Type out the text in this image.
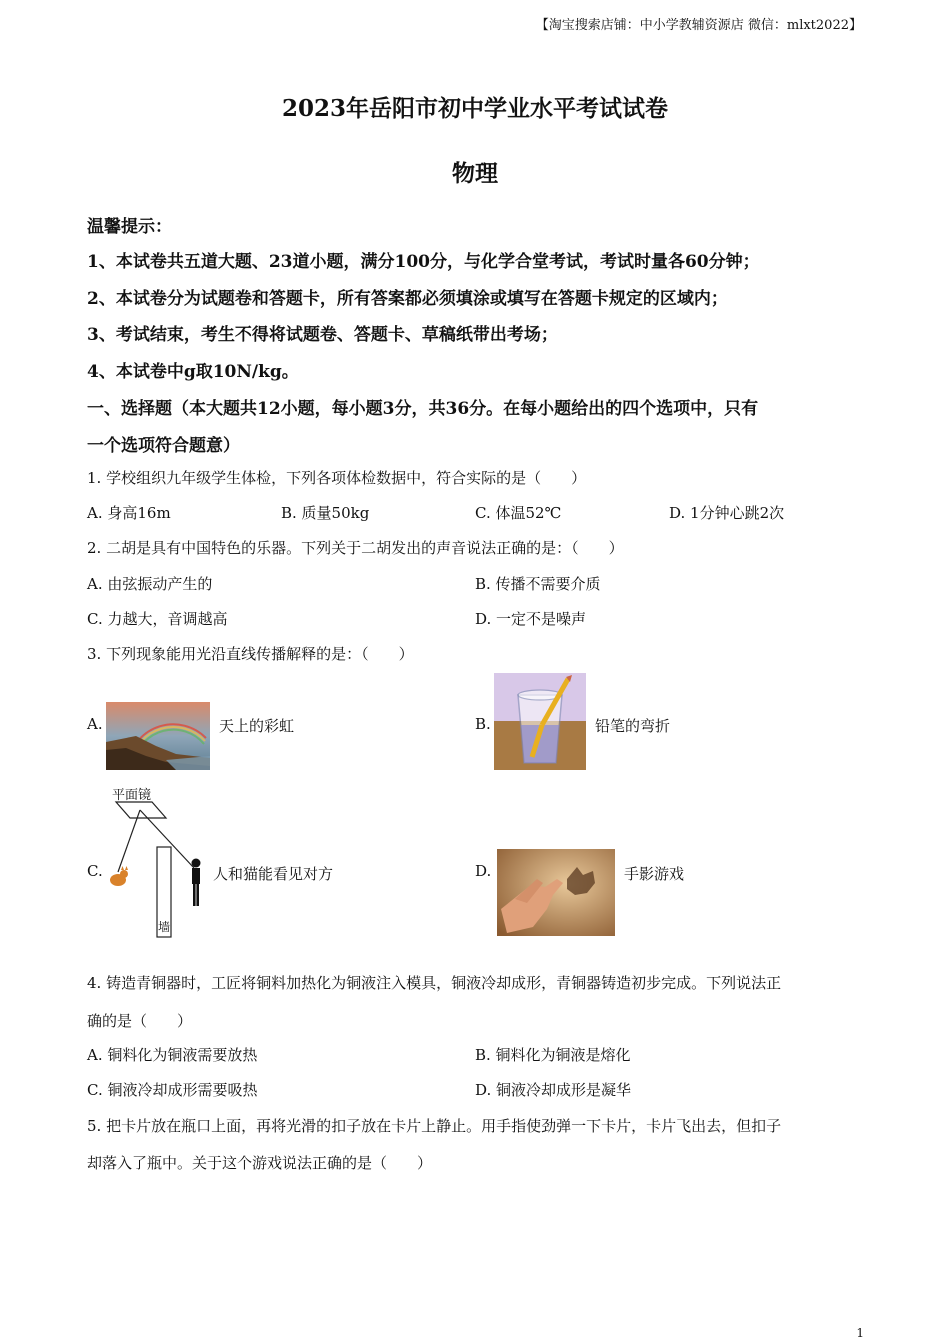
【淘宝搜索店铺：中小学教辅资源店 微信：mlxt2022】
2023年岳阳市初中学业水平考试试卷
物理
温馨提示：
1、本试卷共五道大题、23道小题，满分100分，与化学合堂考试，考试时量各60分钟；
2、本试卷分为试题卷和答题卡，所有答案都必须填涂或填写在答题卡规定的区域内；
3、考试结束，考生不得将试题卷、答题卡、草稿纸带出考场；
4、本试卷中g取10N/kg。
一、选择题（本大题共12小题，每小题3分，共36分。在每小题给出的四个选项中，只有
一个选项符合题意）
1. 学校组织九年级学生体检，下列各项体检数据中，符合实际的是（　　）
A. 身高16m	B. 质量50kg	C. 体温52℃	D. 1分钟心跳2次
2. 二胡是具有中国特色的乐器。下列关于二胡发出的声音说法正确的是：（　　）
A. 由弦振动产生的	B. 传播不需要介质
C. 力越大，音调越高	D. 一定不是噪声
3. 下列现象能用光沿直线传播解释的是：（　　）
A.	天上的彩虹	B.	铅笔的弯折
C.
平面镜
墙
人和猫能看见对方	D.	手影游戏
4. 铸造青铜器时，工匠将铜料加热化为铜液注入模具，铜液冷却成形，青铜器铸造初步完成。下列说法正
确的是（　　）
A. 铜料化为铜液需要放热	B. 铜料化为铜液是熔化
C. 铜液冷却成形需要吸热	D. 铜液冷却成形是凝华
5. 把卡片放在瓶口上面，再将光滑的扣子放在卡片上静止。用手指使劲弹一下卡片，卡片飞出去，但扣子
却落入了瓶中。关于这个游戏说法正确的是（　　）
1
